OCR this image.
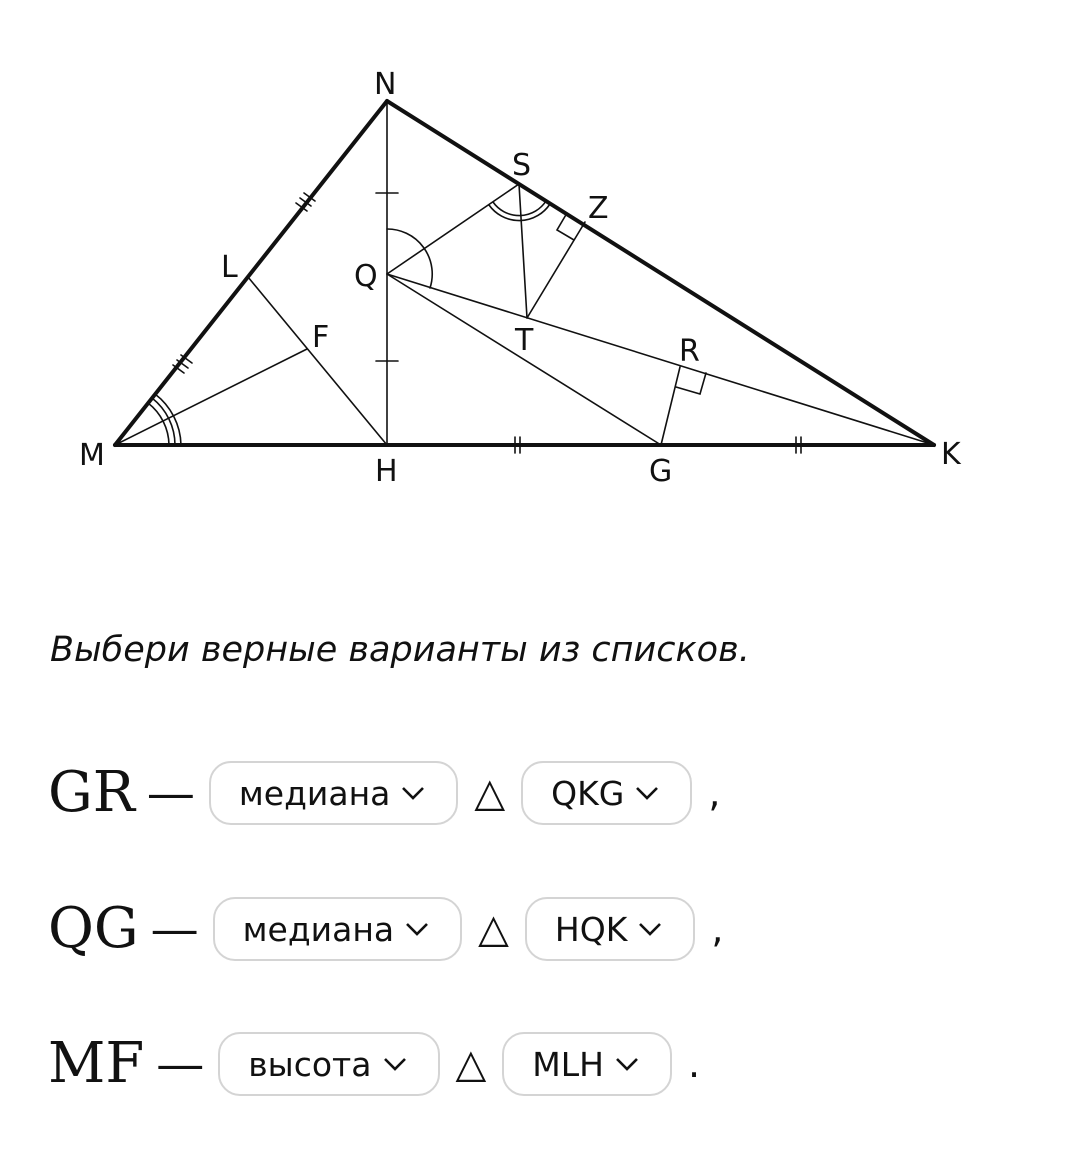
N
S
Z
L	Q
F	T	R
M	H	G	K
Выбери верные варианты из списков.
GR — медиана △ QKG ,
QG — медиана △ HQK ,
MF — высота △ MLH .
